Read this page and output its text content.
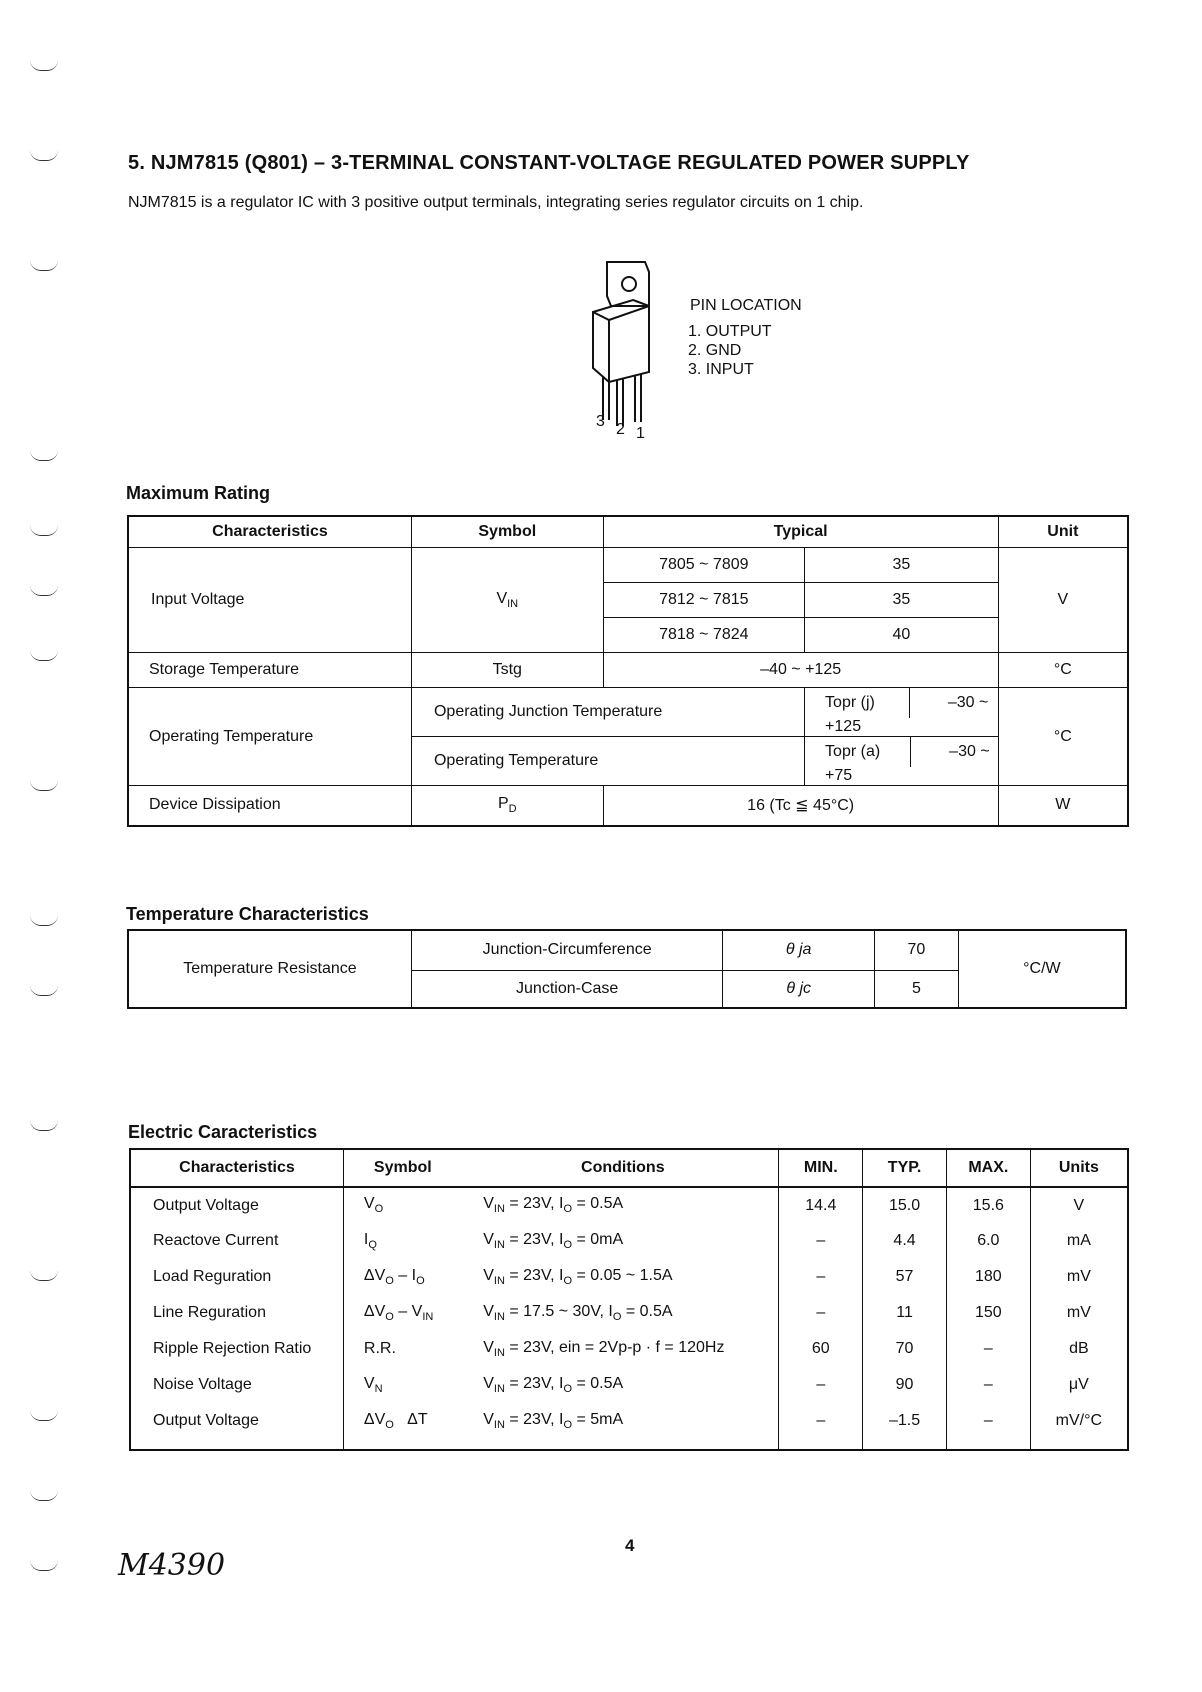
5. NJM7815 (Q801) – 3-TERMINAL CONSTANT-VOLTAGE REGULATED POWER SUPPLY
NJM7815 is a regulator IC with 3 positive output terminals, integrating series regulator circuits on 1 chip.
3 2 1
PIN LOCATION
1. OUTPUT
2. GND
3. INPUT
Maximum Rating
Characteristics	Symbol	Typical		Unit
Input Voltage	$V_{IN}$	7805 ~ 7809	35	V
		7812 ~ 7815	35	
		7818 ~ 7824	40	
Storage Temperature	Tstg	–40 ~ +125		°C
Operating Temperature	Operating Junction Temperature		Topr (j) –30 ~ +125	°C
	Operating Temperature		Topr (a) –30 ~ +75	
Device Dissipation	$P_D$	16 (Tc ≦ 45°C)		W
Temperature Characteristics
Temperature Resistance	Junction-Circumference	θ ja	70	°C/W
	Junction-Case	θ jc	5	
Electric Caracteristics
Characteristics	Symbol	Conditions	MIN.	TYP.	MAX.	Units
Output Voltage	$V_O$	$V_{IN} = 23V$, $I_O = 0.5A$	14.4	15.0	15.6	V
Reactove Current	$I_Q$	$V_{IN} = 23V$, $I_O = 0mA$	–	4.4	6.0	mA
Load Reguration	$\Delta V_O - I_O$	$V_{IN} = 23V$, $I_O = 0.05$ ~ 1.5A	–	57	180	mV
Line Reguration	$\Delta V_O - V_{IN}$	$V_{IN} = 17.5$ ~ 30V, $I_O = 0.5A$	–	11	150	mV
Ripple Rejection Ratio	R.R.	$V_{IN} = 23V$, ein = 2Vp-p · f = 120Hz	60	70	–	dB
Noise Voltage	$V_N$	$V_{IN} = 23V$, $I_O = 0.5A$	–	90	–	μV
Output Voltage	$\Delta V_O$   ΔT	$V_{IN} = 23V$, $I_O = 5mA$	–	–1.5	–	mV/°C

4
M4390
